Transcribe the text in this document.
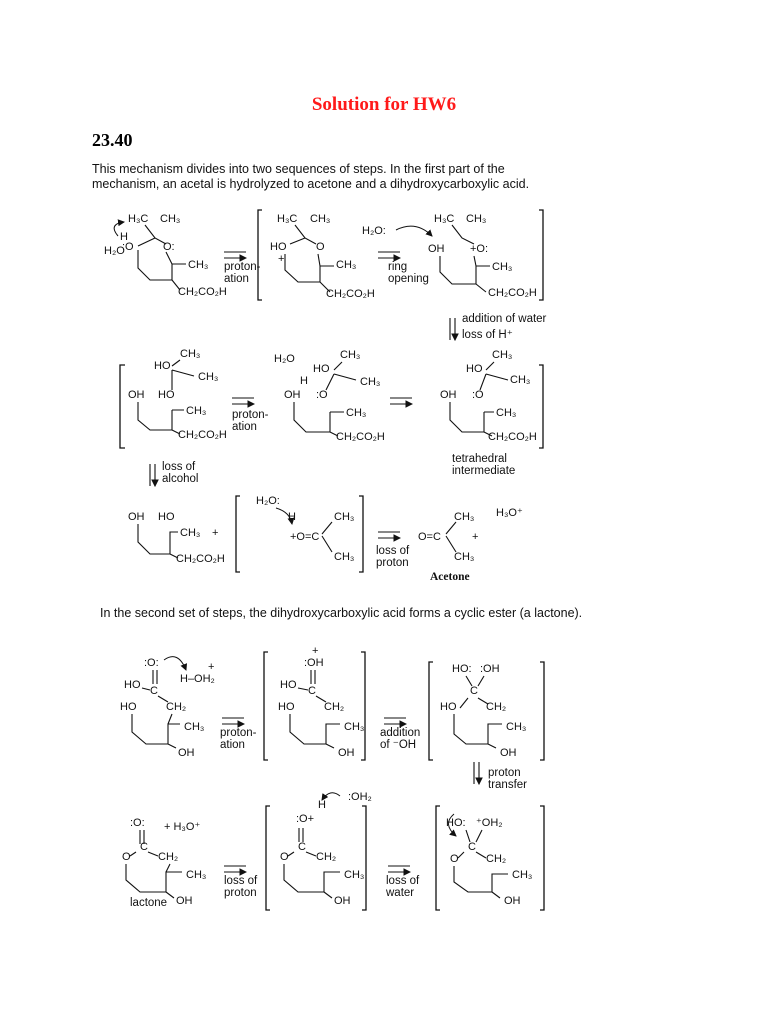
Solution for HW6
23.40
This mechanism divides into two sequences of steps. In the first part of the mechanism, an acetal is hydrolyzed to acetone and a dihydroxycarboxylic acid.
In the second set of steps, the dihydroxycarboxylic acid forms a cyclic ester (a lactone).
H₃C CH₃
H₂O
H
O:
:O
CH₃
CH₂CO₂H
proton-ation
H₃C CH₃
HO	O
CH₃
CH₂CO₂H
+
ring opening
H₂O:
H₃C CH₃
OH +O:
CH₃
CH₂CO₂H
addition of water
loss of H⁺
CH₃
HO
CH₃
OH HO
CH₃
CH₂CO₂H
proton-ation
H₂O	CH₃
HO
CH₃
H
OH :O
CH₃
CH₂CO₂H
CH₃
HO
CH₃
OH :O
CH₃
CH₂CO₂H
tetrahedral intermediate
loss of alcohol
OH HO
CH₃ +
CH₂CO₂H
H₂O:
H	CH₃
+O=C
CH₃ loss of proton
O=C
CH₃
CH₃
+
H₃O⁺
Acetone
:O:
HO
HO
C
CH₂
CH₃
OH
H–OH₂
+
proton-ation
:OH
+
HO
HO
C
CH₂
CH₃
OH
addition of ⁻OH
HO: :OH
C
CH₂
HO
CH₃
OH
proton transfer
:O:
C
CH₂
O
CH₃
OH
+ H₃O⁺
lactone
loss of proton
:O+
H
:OH₂
C
CH₂
O
CH₃
OH
loss of water
HO: ⁺OH₂
C
CH₂
O
CH₃
OH
